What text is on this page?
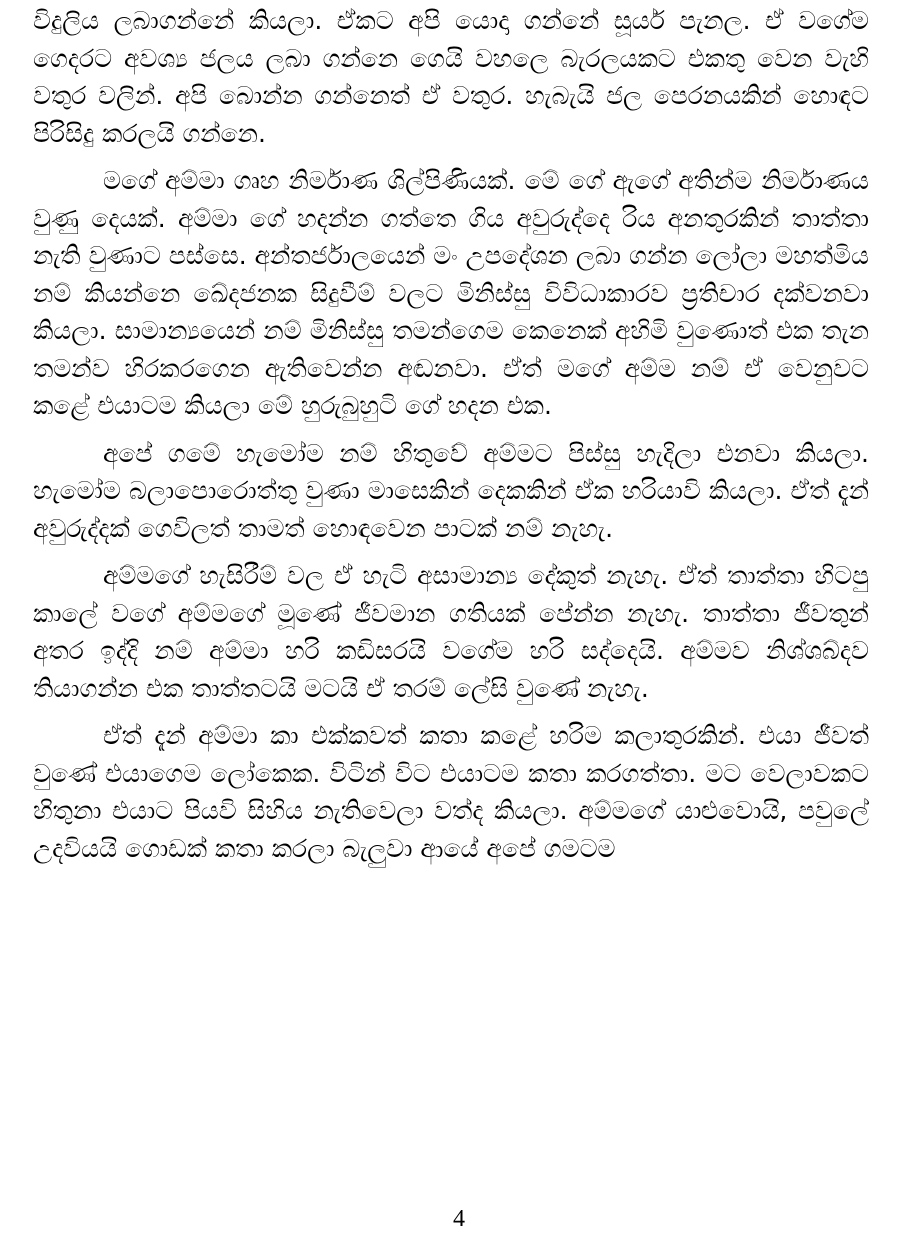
විදුලිය ලබාගන්නේ කියලා. ඒකට අපි යොදා ගන්නේ සූර්ය පැනල. ඒ වගේම ගෙදරට අවශ්‍ය ජලය ලබා ගන්නෙ ගෙයි වහලෙ බැරලයකට එකතු වෙන වැහි වතුර වලින්. අපි බොන්න ගන්නෙත් ඒ වතුර. හැබැයි ජල පෙරනයකින් හොඳට පිරිසිදු කරලයි ගන්නෙ.

මගේ අම්මා ගෘහ නිර්මාණ ශිල්පිණියක්. මේ ගේ ඇගේ අතින්ම නිර්මාණය වුණු දෙයක්. අම්මා ගේ හදන්න ගත්තෙ ගිය අවුරුද්දෙ රිය අනතුරකින් තාත්තා නැති වුණාට පස්සෙ. අන්තර්ජාලයෙන් මං උපදේශන ලබා ගන්න ලෝලා මහත්මිය නම් කියන්නෙ ඛේදජනක සිදුවීම් වලට මිනිස්සු විවිධාකාරව ප්‍රතිචාර දක්වනවා කියලා. සාමාන්‍යයෙන් නම් මිනිස්සු තමන්ගෙම කෙනෙක් අහිමි වුණොත් එක තැන තමන්ව හිරකරගෙන ඇතිවෙන්න අඬනවා. ඒත් මගේ අම්ම නම් ඒ වෙනුවට කළේ එයාටම කියලා මේ හුරුබුහුටි ගේ හදන එක.

අපේ ගමේ හැමෝම නම් හිතුවේ අම්මට පිස්සු හැදිලා එනවා කියලා. හැමෝම බලාපොරොත්තු වුණා මාසෙකින් දෙකකින් ඒක හරියාවි කියලා. ඒත් දැන් අවුරුද්දක් ගෙවිලත් තාමත් හොඳවෙන පාටක් නම් නැහැ.

අම්මගේ හැසිරීම් වල ඒ හැටි අසාමාන්‍ය දේකුත් නැහැ. ඒත් තාත්තා හිටපු කාලේ වගේ අම්මගේ මූණේ ජීවමාන ගතියක් පේන්න නැහැ. තාත්තා ජීවතුන් අතර ඉද්දි නම් අම්මා හරි කඩිසරයි වගේම හරි සද්දෙයි. අම්මව නිශ්ශබ්දව තියාගන්න එක තාත්තටයි මටයි ඒ තරම් ලේසි වුණේ නැහැ.

ඒත් දැන් අම්මා කා එක්කවත් කතා කළේ හරිම කලාතුරකින්. එයා ජීවත් වුණේ එයාගෙම ලෝකෙක. විටින් විට එයාටම කතා කරගත්තා. මට වෙලාවකට හිතුනා එයාට පියවි සිහිය නැතිවෙලා වත්ද කියලා. අම්මගේ යාළුවොයි, පවුලේ උදවියයි ගොඩක් කතා කරලා බැලුවා ආයේ අපේ ගමටම

4
